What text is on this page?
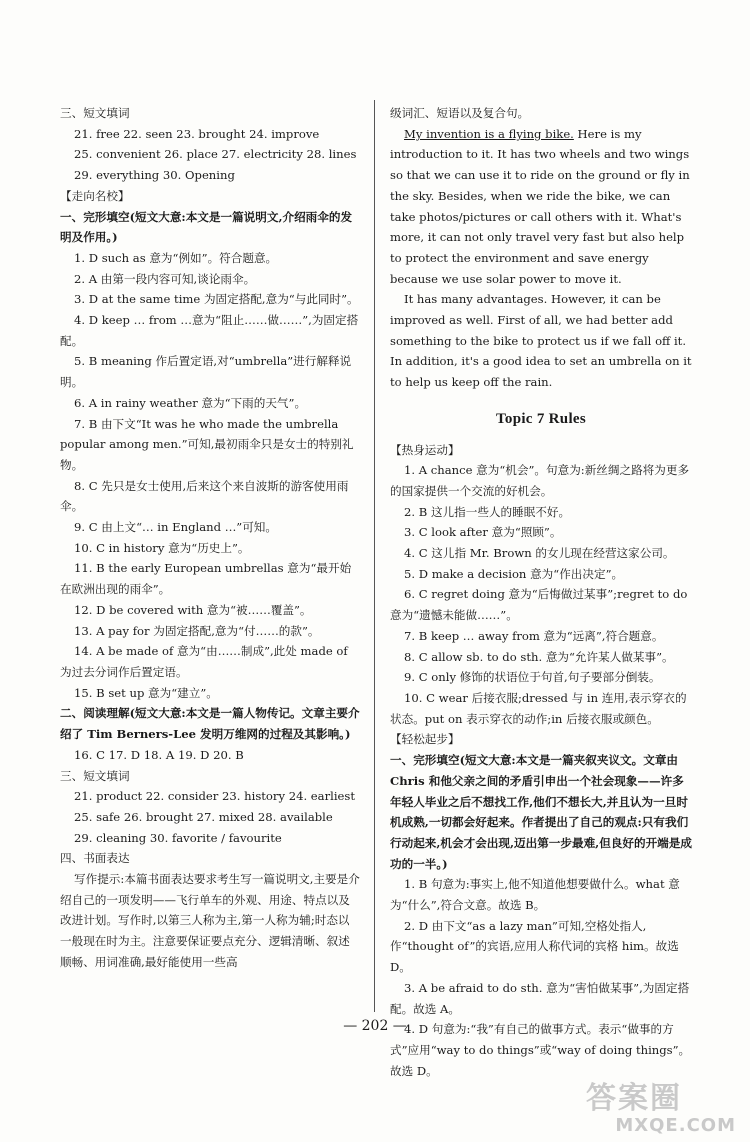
三、短文填词

21. free 22. seen 23. brought 24. improve

25. convenient 26. place 27. electricity 28. lines

29. everything 30. Opening

【走向名校】

一、完形填空(短文大意:本文是一篇说明文,介绍雨伞的发明及作用。)

1. D such as 意为“例如”。符合题意。

2. A 由第一段内容可知,谈论雨伞。

3. D at the same time 为固定搭配,意为“与此同时”。

4. D keep … from …意为“阻止……做……”,为固定搭配。

5. B meaning 作后置定语,对“umbrella”进行解释说明。

6. A in rainy weather 意为“下雨的天气”。

7. B 由下文“It was he who made the umbrella popular among men.”可知,最初雨伞只是女士的特别礼物。

8. C 先只是女士使用,后来这个来自波斯的游客使用雨伞。

9. C 由上文“… in England …”可知。

10. C in history 意为“历史上”。

11. B the early European umbrellas 意为“最开始在欧洲出现的雨伞”。

12. D be covered with 意为“被……覆盖”。

13. A pay for 为固定搭配,意为“付……的款”。

14. A be made of 意为“由……制成”,此处 made of 为过去分词作后置定语。

15. B set up 意为“建立”。

二、阅读理解(短文大意:本文是一篇人物传记。文章主要介绍了 Tim Berners-Lee 发明万维网的过程及其影响。)

16. C 17. D 18. A 19. D 20. B

三、短文填词

21. product 22. consider 23. history 24. earliest

25. safe 26. brought 27. mixed 28. available

29. cleaning 30. favorite / favourite

四、书面表达

写作提示:本篇书面表达要求考生写一篇说明文,主要是介绍自己的一项发明——飞行单车的外观、用途、特点以及改进计划。写作时,以第三人称为主,第一人称为辅;时态以一般现在时为主。注意要保证要点充分、逻辑清晰、叙述顺畅、用词准确,最好能使用一些高

级词汇、短语以及复合句。

My invention is a flying bike. Here is my introduction to it. It has two wheels and two wings so that we can use it to ride on the ground or fly in the sky. Besides, when we ride the bike, we can take photos/pictures or call others with it. What's more, it can not only travel very fast but also help to protect the environment and save energy because we use solar power to move it.

It has many advantages. However, it can be improved as well. First of all, we had better add something to the bike to protect us if we fall off it. In addition, it's a good idea to set an umbrella on it to help us keep off the rain.

Topic 7 Rules

【热身运动】

1. A chance 意为“机会”。句意为:新丝绸之路将为更多的国家提供一个交流的好机会。

2. B 这儿指一些人的睡眠不好。

3. C look after 意为“照顾”。

4. C 这儿指 Mr. Brown 的女儿现在经营这家公司。

5. D make a decision 意为“作出决定”。

6. C regret doing 意为“后悔做过某事”;regret to do 意为“遗憾未能做……”。

7. B keep … away from 意为“远离”,符合题意。

8. C allow sb. to do sth. 意为“允许某人做某事”。

9. C only 修饰的状语位于句首,句子要部分倒装。

10. C wear 后接衣服;dressed 与 in 连用,表示穿衣的状态。put on 表示穿衣的动作;in 后接衣服或颜色。

【轻松起步】

一、完形填空(短文大意:本文是一篇夹叙夹议文。文章由 Chris 和他父亲之间的矛盾引申出一个社会现象——许多年轻人毕业之后不想找工作,他们不想长大,并且认为一旦时机成熟,一切都会好起来。作者提出了自己的观点:只有我们行动起来,机会才会出现,迈出第一步最难,但良好的开端是成功的一半。)

1. B 句意为:事实上,他不知道他想要做什么。what 意为“什么”,符合文意。故选 B。

2. D 由下文“as a lazy man”可知,空格处指人,作“thought of”的宾语,应用人称代词的宾格 him。故选 D。

3. A be afraid to do sth. 意为“害怕做某事”,为固定搭配。故选 A。

4. D 句意为:“我”有自己的做事方式。表示“做事的方式”应用“way to do things”或“way of doing things”。故选 D。

— 202 —
答案圈
MXQE.COM
